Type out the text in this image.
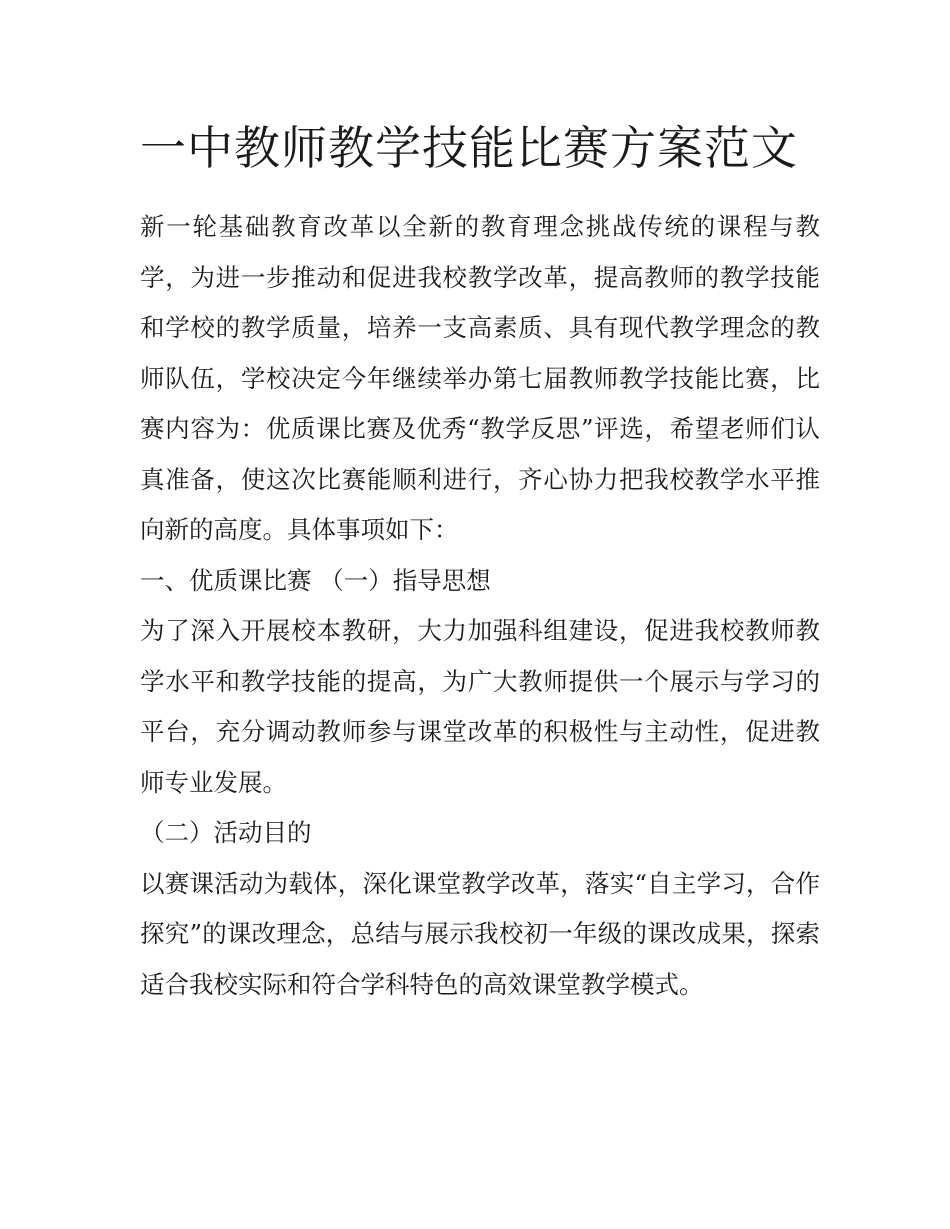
一中教师教学技能比赛方案范文

新一轮基础教育改革以全新的教育理念挑战传统的课程与教学，为进一步推动和促进我校教学改革，提高教师的教学技能和学校的教学质量，培养一支高素质、具有现代教学理念的教师队伍，学校决定今年继续举办第七届教师教学技能比赛，比赛内容为：优质课比赛及优秀“教学反思”评选，希望老师们认真准备，使这次比赛能顺利进行，齐心协力把我校教学水平推向新的高度。具体事项如下：

一、优质课比赛 （一）指导思想

为了深入开展校本教研，大力加强科组建设，促进我校教师教学水平和教学技能的提高，为广大教师提供一个展示与学习的平台，充分调动教师参与课堂改革的积极性与主动性，促进教师专业发展。

（二）活动目的

以赛课活动为载体，深化课堂教学改革，落实“自主学习，合作探究”的课改理念，总结与展示我校初一年级的课改成果，探索适合我校实际和符合学科特色的高效课堂教学模式。
